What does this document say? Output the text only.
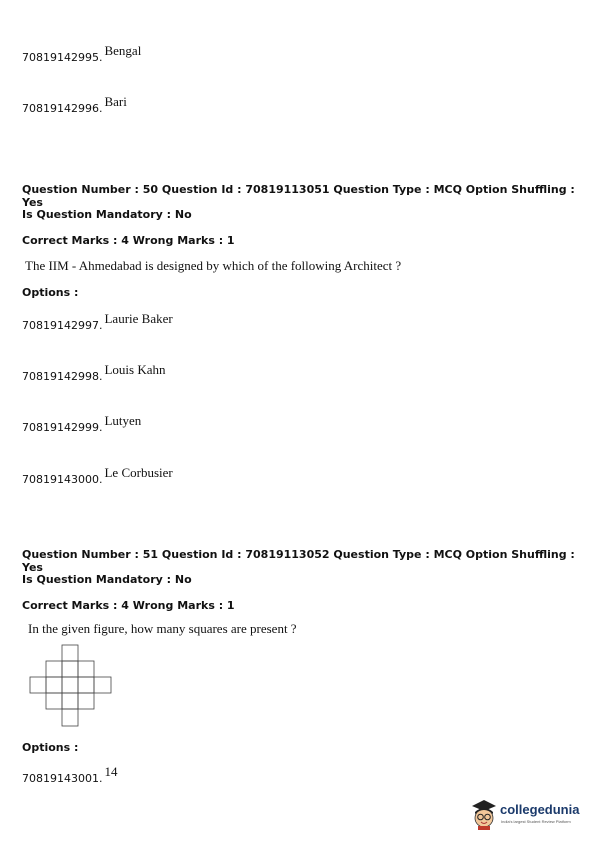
70819142995. $^{Bengal}$
70819142996. $^{Bari}$
Question Number : 50 Question Id : 70819113051 Question Type : MCQ Option Shuffling : Yes
Is Question Mandatory : No
Correct Marks : 4 Wrong Marks : 1
The IIM - Ahmedabad is designed by which of the following Architect ?
Options :
70819142997. $^{Laurie Baker}$
70819142998. $^{Louis Kahn}$
70819142999. $^{Lutyen}$
70819143000. $^{Le Corbusier}$
Question Number : 51 Question Id : 70819113052 Question Type : MCQ Option Shuffling : Yes
Is Question Mandatory : No
Correct Marks : 4 Wrong Marks : 1
In the given figure, how many squares are present ?
Options :
70819143001. $^{14}$
collegedunia
India's largest Student Review Platform
